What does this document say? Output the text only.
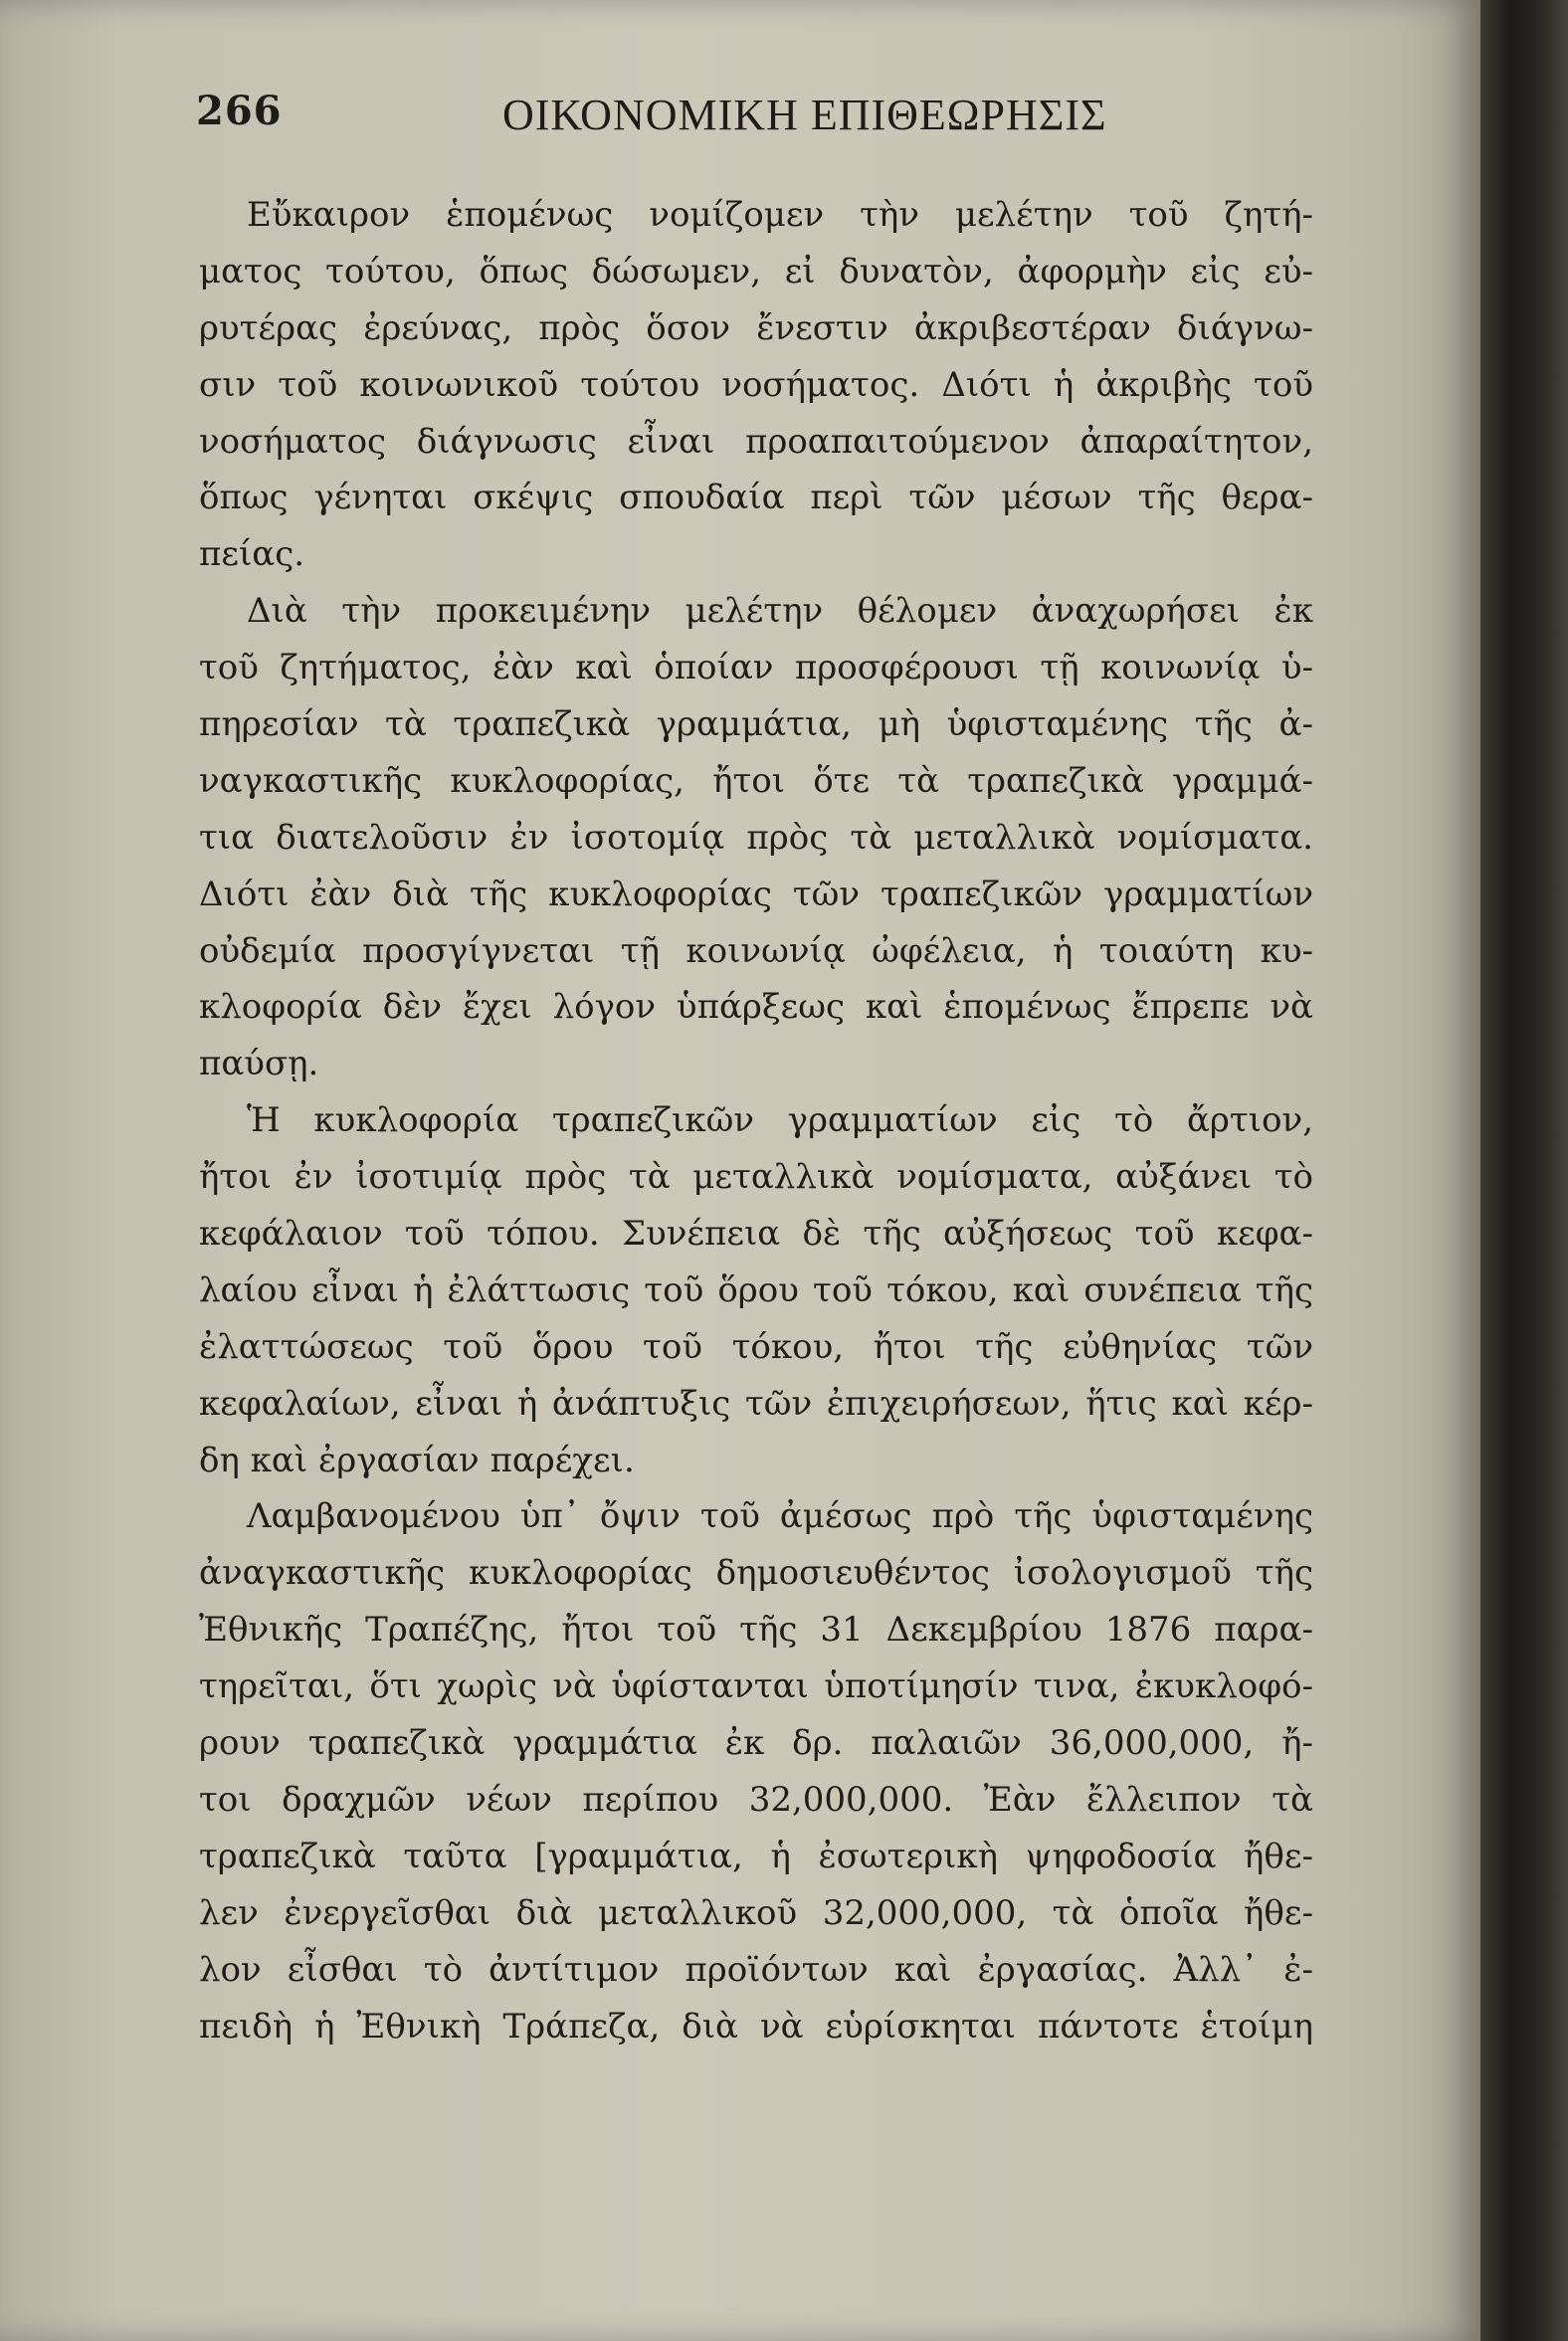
266	ΟΙΚΟΝΟΜΙΚΗ ΕΠΙΘΕΩΡΗΣΙΣ
Εὔκαιρον ἑπομένως νομίζομεν τὴν μελέτην τοῦ ζητή-
ματος τούτου, ὅπως δώσωμεν, εἰ δυνατὸν, ἀφορμὴν εἰς εὐ-
ρυτέρας ἐρεύνας, πρὸς ὅσον ἔνεστιν ἀκριβεστέραν διάγνω-
σιν τοῦ κοινωνικοῦ τούτου νοσήματος. Διότι ἡ ἀκριβὴς τοῦ
νοσήματος διάγνωσις εἶναι προαπαιτούμενον ἀπαραίτητον,
ὅπως γένηται σκέψις σπουδαία περὶ τῶν μέσων τῆς θερα-
πείας.
Διὰ τὴν προκειμένην μελέτην θέλομεν ἀναχωρήσει ἐκ
τοῦ ζητήματος, ἐὰν καὶ ὁποίαν προσφέρουσι τῇ κοινωνίᾳ ὑ-
πηρεσίαν τὰ τραπεζικὰ γραμμάτια, μὴ ὑφισταμένης τῆς ἀ-
ναγκαστικῆς κυκλοφορίας, ἤτοι ὅτε τὰ τραπεζικὰ γραμμά-
τια διατελοῦσιν ἐν ἰσοτομίᾳ πρὸς τὰ μεταλλικὰ νομίσματα.
Διότι ἐὰν διὰ τῆς κυκλοφορίας τῶν τραπεζικῶν γραμματίων
οὐδεμία προσγίγνεται τῇ κοινωνίᾳ ὠφέλεια, ἡ τοιαύτη κυ-
κλοφορία δὲν ἔχει λόγον ὑπάρξεως καὶ ἑπομένως ἔπρεπε νὰ
παύσῃ.
Ἡ κυκλοφορία τραπεζικῶν γραμματίων εἰς τὸ ἄρτιον,
ἤτοι ἐν ἰσοτιμίᾳ πρὸς τὰ μεταλλικὰ νομίσματα, αὐξάνει τὸ
κεφάλαιον τοῦ τόπου. Συνέπεια δὲ τῆς αὐξήσεως τοῦ κεφα-
λαίου εἶναι ἡ ἐλάττωσις τοῦ ὅρου τοῦ τόκου, καὶ συνέπεια τῆς
ἐλαττώσεως τοῦ ὅρου τοῦ τόκου, ἤτοι τῆς εὐθηνίας τῶν
κεφαλαίων, εἶναι ἡ ἀνάπτυξις τῶν ἐπιχειρήσεων, ἥτις καὶ κέρ-
δη καὶ ἐργασίαν παρέχει.
Λαμβανομένου ὑπ᾿ ὄψιν τοῦ ἀμέσως πρὸ τῆς ὑφισταμένης
ἀναγκαστικῆς κυκλοφορίας δημοσιευθέντος ἰσολογισμοῦ τῆς
Ἐθνικῆς Τραπέζης, ἤτοι τοῦ τῆς 31 Δεκεμβρίου 1876 παρα-
τηρεῖται, ὅτι χωρὶς νὰ ὑφίστανται ὑποτίμησίν τινα, ἐκυκλοφό-
ρουν τραπεζικὰ γραμμάτια ἐκ δρ. παλαιῶν 36,000,000, ἤ-
τοι δραχμῶν νέων περίπου 32,000,000. Ἐὰν ἔλλειπον τὰ
τραπεζικὰ ταῦτα [γραμμάτια, ἡ ἐσωτερικὴ ψηφοδοσία ἤθε-
λεν ἐνεργεῖσθαι διὰ μεταλλικοῦ 32,000,000, τὰ ὁποῖα ἤθε-
λον εἶσθαι τὸ ἀντίτιμον προϊόντων καὶ ἐργασίας. Ἀλλ᾿ ἐ-
πειδὴ ἡ Ἐθνικὴ Τράπεζα, διὰ νὰ εὑρίσκηται πάντοτε ἑτοίμη
